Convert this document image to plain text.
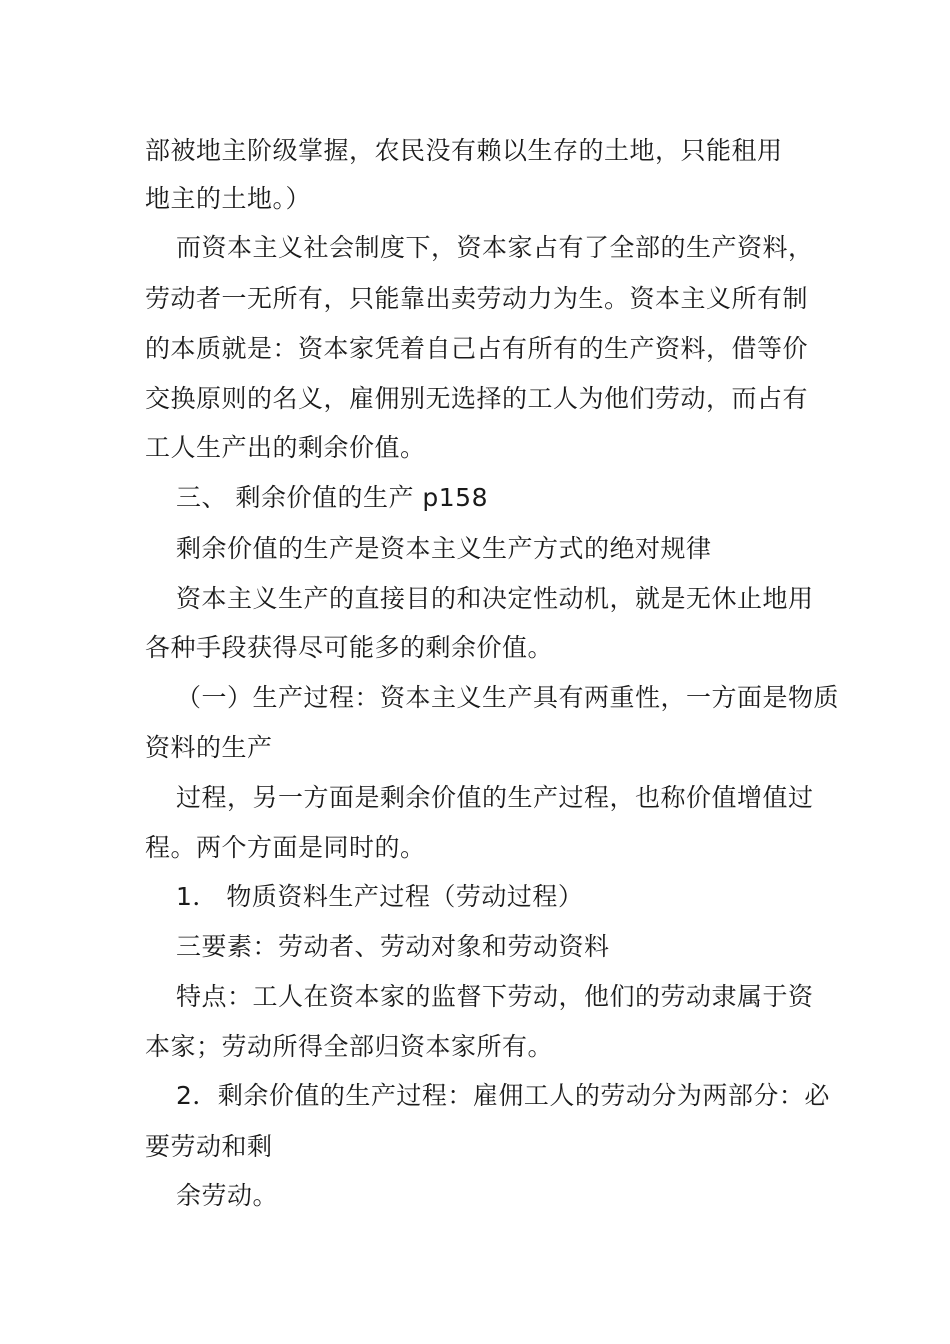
部被地主阶级掌握，农民没有赖以生存的土地，只能租用
地主的土地。）
而资本主义社会制度下，资本家占有了全部的生产资料，
劳动者一无所有，只能靠出卖劳动力为生。资本主义所有制
的本质就是：资本家凭着自己占有所有的生产资料，借等价
交换原则的名义，雇佣别无选择的工人为他们劳动，而占有
工人生产出的剩余价值。
三、 剩余价值的生产 p158
剩余价值的生产是资本主义生产方式的绝对规律
资本主义生产的直接目的和决定性动机，就是无休止地用
各种手段获得尽可能多的剩余价值。
（一）生产过程：资本主义生产具有两重性，一方面是物质
资料的生产
过程，另一方面是剩余价值的生产过程，也称价值增值过
程。两个方面是同时的。
1． 物质资料生产过程（劳动过程）
三要素：劳动者、劳动对象和劳动资料
特点：工人在资本家的监督下劳动，他们的劳动隶属于资
本家；劳动所得全部归资本家所有。
2．剩余价值的生产过程：雇佣工人的劳动分为两部分：必
要劳动和剩
余劳动。
